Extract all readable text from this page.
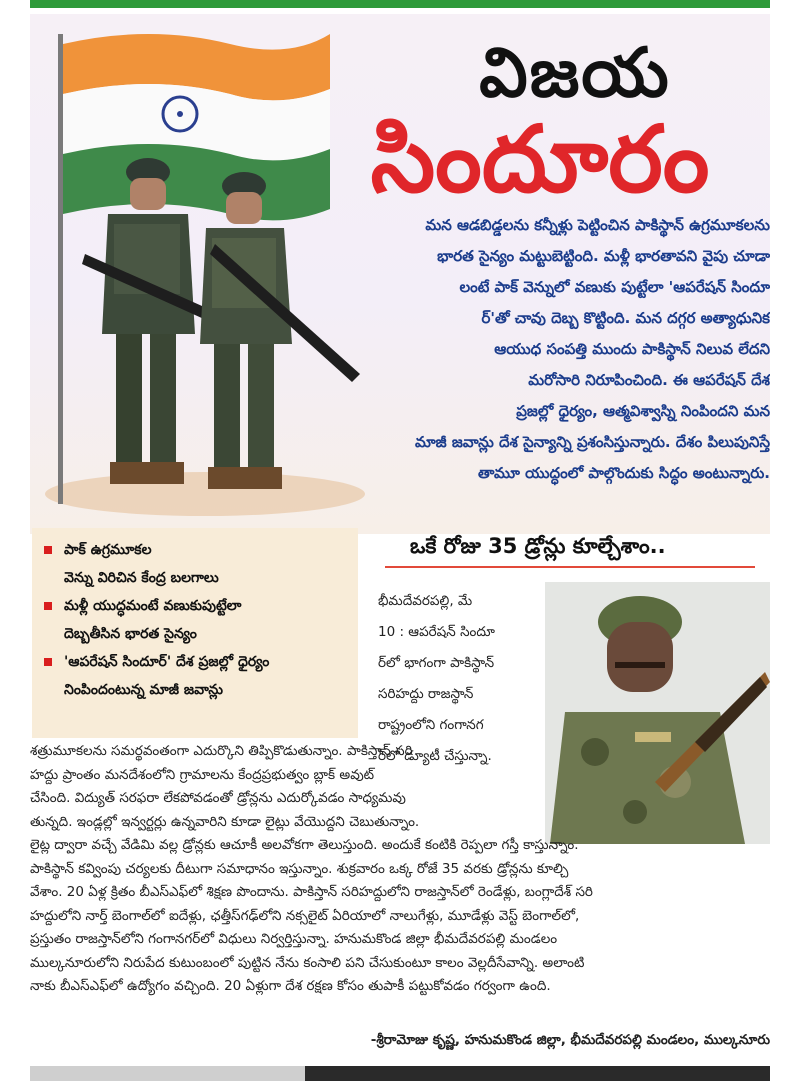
విజయ
సిందూరం

మన ఆడబిడ్డలను కన్నీళ్లు పెట్టించిన పాకిస్థాన్ ఉగ్రమూకలను

భారత సైన్యం మట్టుబెట్టింది. మళ్లీ భారతావని వైపు చూడా

లంటే పాక్ వెన్నులో వణుకు పుట్టేలా 'ఆపరేషన్ సిందూ

ర్'తో చావు దెబ్బ కొట్టింది. మన దగ్గర అత్యాధునిక

ఆయుధ సంపత్తి ముందు పాకిస్థాన్ నిలువ లేదని

మరోసారి నిరూపించింది. ఈ ఆపరేషన్ దేశ

ప్రజల్లో ధైర్యం, ఆత్మవిశ్వాస్ని నింపిందని మన

మాజీ జవాన్లు దేశ సైన్యాన్ని ప్రశంసిస్తున్నారు. దేశం పిలుపునిస్తే

తామూ యుద్ధంలో పాల్గొందుకు సిద్ధం అంటున్నారు.

పాక్ ఉగ్రమూకల
వెన్ను విరిచిన కేంద్ర బలగాలు
మళ్లీ యుద్ధమంటే వణుకుపుట్టేలా
దెబ్బతీసిన భారత సైన్యం
'ఆపరేషన్ సిందూర్' దేశ ప్రజల్లో ధైర్యం
నింపిందంటున్న మాజీ జవాన్లు
ఒకే రోజు 35 డ్రోన్లు కూల్చేశాం..
భీమదేవరపల్లి, మే
10 : ఆపరేషన్ సిందూ
ర్‌లో భాగంగా పాకిస్థాన్
సరిహద్దు రాజస్థాన్
రాష్ట్రంలోని గంగానగ
ర్‌లో డ్యూటీ చేస్తున్నా.

శత్రుమూకలను సమర్థవంతంగా ఎదుర్కొని తిప్పికొడుతున్నాం. పాకిస్తాన్ సరి

హద్దు ప్రాంతం మనదేశంలోని గ్రామాలను కేంద్రప్రభుత్వం బ్లాక్ అవుట్

చేసింది. విద్యుత్ సరఫరా లేకపోవడంతో డ్రోన్లను ఎదుర్కోవడం సాధ్యమవు

తున్నది. ఇండ్లల్లో ఇన్వర్టర్లు ఉన్నవారిని కూడా లైట్లు వేయొద్దని చెబుతున్నాం.

లైట్ల ద్వారా వచ్చే వేడిమి వల్ల డ్రోన్లకు ఆచూకీ అలవోకగా తెలుస్తుంది. అందుకే కంటికి రెప్పలా గస్తీ కాస్తున్నాం.

పాకిస్థాన్ కవ్వింపు చర్యలకు దీటుగా సమాధానం ఇస్తున్నాం. శుక్రవారం ఒక్క రోజే 35 వరకు డ్రోన్లను కూల్చి

వేశాం. 20 ఏళ్ల క్రితం బీఎస్ఎఫ్‌లో శిక్షణ పొందాను. పాకిస్తాన్ సరిహద్దులోని రాజస్తాన్‌లో రెండేళ్లు, బంగ్లాదేశ్ సరి

హద్దులోని నార్త్ బెంగాల్‌లో ఐదేళ్లు, ఛత్తీస్‌గఢ్‌లోని నక్సలైట్ ఏరియాలో నాలుగేళ్లు, మూడేళ్లు వెస్ట్ బెంగాల్‌లో,

ప్రస్తుతం రాజస్తాన్‌లోని గంగానగర్‌లో విధులు నిర్వర్తిస్తున్నా. హనుమకొండ జిల్లా భీమదేవరపల్లి మండలం

ముల్కనూరులోని నిరుపేద కుటుంబంలో పుట్టిన నేను కంసాలి పని చేసుకుంటూ కాలం వెల్లదీసేవాన్ని. అలాంటి

నాకు బీఎస్ఎఫ్‌లో ఉద్యోగం వచ్చింది. 20 ఏళ్లుగా దేశ రక్షణ కోసం తుపాకీ పట్టుకోవడం గర్వంగా ఉంది.

-శ్రీరామోజు కృష్ణ, హనుమకొండ జిల్లా, భీమదేవరపల్లి మండలం, ముల్కనూరు
